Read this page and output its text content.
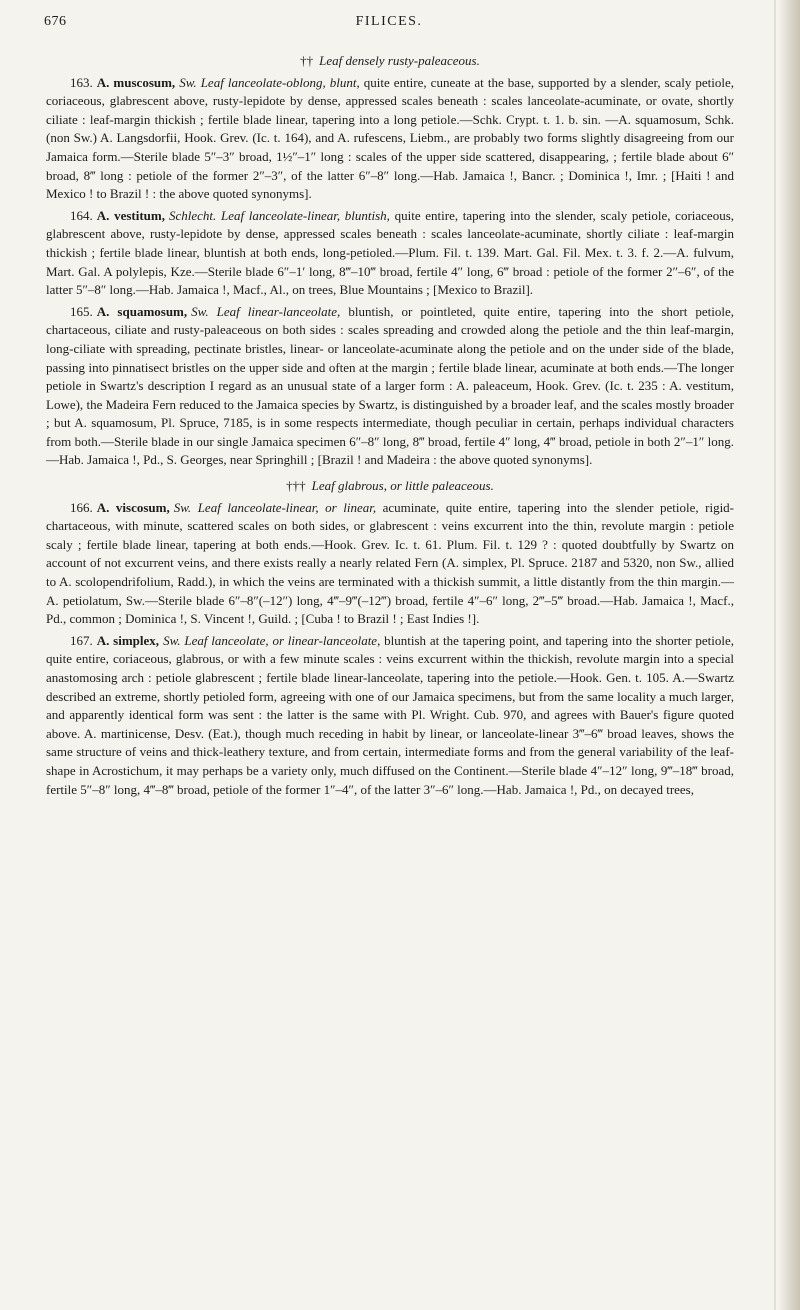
676	FILICES.

†† Leaf densely rusty-paleaceous.

163. A. muscosum, Sw. Leaf lanceolate-oblong, blunt, quite entire, cuneate at the base, supported by a slender, scaly petiole, coriaceous, glabrescent above, rusty-lepidote by dense, appressed scales beneath : scales lanceolate-acuminate, or ovate, shortly ciliate : leaf-margin thickish ; fertile blade linear, tapering into a long petiole.—Schk. Crypt. t. 1. b. sin. —A. squamosum, Schk. (non Sw.) A. Langsdorfii, Hook. Grev. (Ic. t. 164), and A. rufescens, Liebm., are probably two forms slightly disagreeing from our Jamaica form.—Sterile blade 5″–3″ broad, 1½″–1″ long : scales of the upper side scattered, disappearing, ; fertile blade about 6″ broad, 8‴ long : petiole of the former 2″–3″, of the latter 6″–8″ long.—Hab. Jamaica !, Bancr. ; Dominica !, Imr. ; [Haiti ! and Mexico ! to Brazil ! : the above quoted synonyms].

164. A. vestitum, Schlecht. Leaf lanceolate-linear, bluntish, quite entire, tapering into the slender, scaly petiole, coriaceous, glabrescent above, rusty-lepidote by dense, appressed scales beneath : scales lanceolate-acuminate, shortly ciliate : leaf-margin thickish ; fertile blade linear, bluntish at both ends, long-petioled.—Plum. Fil. t. 139. Mart. Gal. Fil. Mex. t. 3. f. 2.—A. fulvum, Mart. Gal. A polylepis, Kze.—Sterile blade 6″–1′ long, 8‴–10‴ broad, fertile 4″ long, 6‴ broad : petiole of the former 2″–6″, of the latter 5″–8″ long.—Hab. Jamaica !, Macf., Al., on trees, Blue Mountains ; [Mexico to Brazil].

165. A. squamosum, Sw. Leaf linear-lanceolate, bluntish, or pointleted, quite entire, tapering into the short petiole, chartaceous, ciliate and rusty-paleaceous on both sides : scales spreading and crowded along the petiole and the thin leaf-margin, long-ciliate with spreading, pectinate bristles, linear- or lanceolate-acuminate along the petiole and on the under side of the blade, passing into pinnatisect bristles on the upper side and often at the margin ; fertile blade linear, acuminate at both ends.—The longer petiole in Swartz's description I regard as an unusual state of a larger form : A. paleaceum, Hook. Grev. (Ic. t. 235 : A. vestitum, Lowe), the Madeira Fern reduced to the Jamaica species by Swartz, is distinguished by a broader leaf, and the scales mostly broader ; but A. squamosum, Pl. Spruce, 7185, is in some respects intermediate, though peculiar in certain, perhaps individual characters from both.—Sterile blade in our single Jamaica specimen 6″–8″ long, 8‴ broad, fertile 4″ long, 4‴ broad, petiole in both 2″–1″ long.—Hab. Jamaica !, Pd., S. Georges, near Springhill ; [Brazil ! and Madeira : the above quoted synonyms].

††† Leaf glabrous, or little paleaceous.

166. A. viscosum, Sw. Leaf lanceolate-linear, or linear, acuminate, quite entire, tapering into the slender petiole, rigid-chartaceous, with minute, scattered scales on both sides, or glabrescent : veins excurrent into the thin, revolute margin : petiole scaly ; fertile blade linear, tapering at both ends.—Hook. Grev. Ic. t. 61. Plum. Fil. t. 129 ? : quoted doubtfully by Swartz on account of not excurrent veins, and there exists really a nearly related Fern (A. simplex, Pl. Spruce. 2187 and 5320, non Sw., allied to A. scolopendrifolium, Radd.), in which the veins are terminated with a thickish summit, a little distantly from the thin margin.—A. petiolatum, Sw.—Sterile blade 6″–8″(–12″) long, 4‴–9‴(–12‴) broad, fertile 4″–6″ long, 2‴–5‴ broad.—Hab. Jamaica !, Macf., Pd., common ; Dominica !, S. Vincent !, Guild. ; [Cuba ! to Brazil ! ; East Indies !].

167. A. simplex, Sw. Leaf lanceolate, or linear-lanceolate, bluntish at the tapering point, and tapering into the shorter petiole, quite entire, coriaceous, glabrous, or with a few minute scales : veins excurrent within the thickish, revolute margin into a special anastomosing arch : petiole glabrescent ; fertile blade linear-lanceolate, tapering into the petiole.—Hook. Gen. t. 105. A.—Swartz described an extreme, shortly petioled form, agreeing with one of our Jamaica specimens, but from the same locality a much larger, and apparently identical form was sent : the latter is the same with Pl. Wright. Cub. 970, and agrees with Bauer's figure quoted above. A. martinicense, Desv. (Eat.), though much receding in habit by linear, or lanceolate-linear 3‴–6‴ broad leaves, shows the same structure of veins and thick-leathery texture, and from certain, intermediate forms and from the general variability of the leaf-shape in Acrostichum, it may perhaps be a variety only, much diffused on the Continent.—Sterile blade 4″–12″ long, 9‴–18‴ broad, fertile 5″–8″ long, 4‴–8‴ broad, petiole of the former 1″–4″, of the latter 3″–6″ long.—Hab. Jamaica !, Pd., on decayed trees,
